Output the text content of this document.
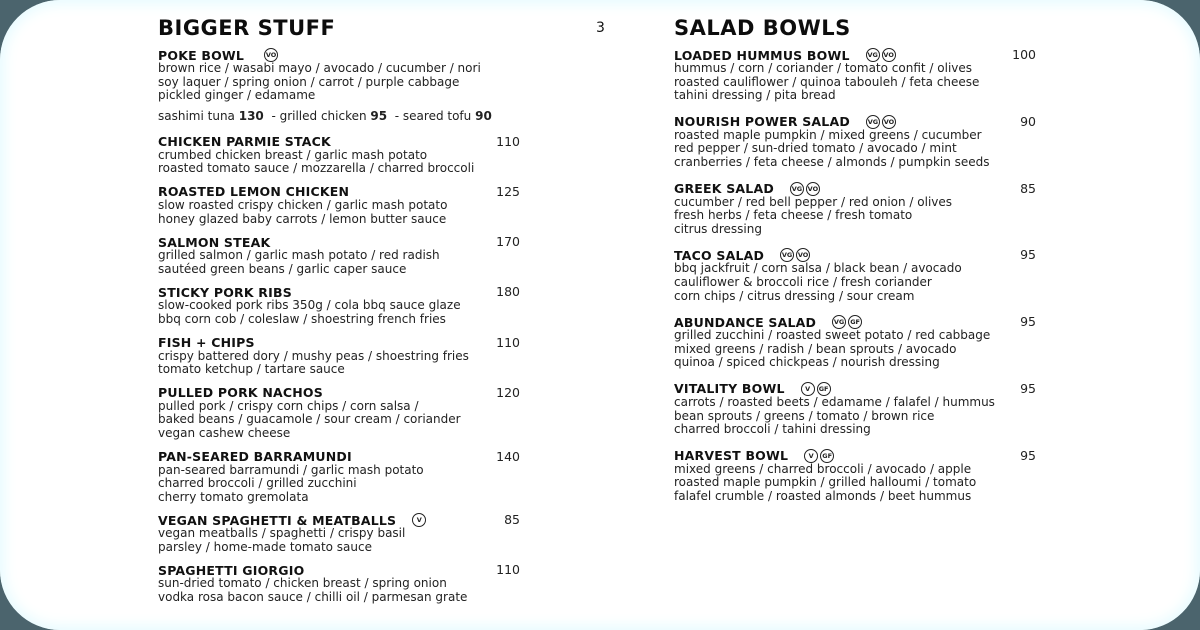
3
BIGGER STUFF
POKE BOWL	VO
brown rice / wasabi mayo / avocado / cucumber / nori
soy laquer / spring onion / carrot / purple cabbage
pickled ginger / edamame
sashimi tuna 130 - grilled chicken 95 - seared tofu 90
CHICKEN PARMIE STACK	110
crumbed chicken breast / garlic mash potato
roasted tomato sauce / mozzarella / charred broccoli
ROASTED LEMON CHICKEN	125
slow roasted crispy chicken / garlic mash potato
honey glazed baby carrots / lemon butter sauce
SALMON STEAK	170
grilled salmon / garlic mash potato / red radish
sautéed green beans / garlic caper sauce
STICKY PORK RIBS	180
slow-cooked pork ribs 350g / cola bbq sauce glaze
bbq corn cob / coleslaw / shoestring french fries
FISH + CHIPS	110
crispy battered dory / mushy peas / shoestring fries
tomato ketchup / tartare sauce
PULLED PORK NACHOS	120
pulled pork / crispy corn chips / corn salsa /
baked beans / guacamole / sour cream / coriander
vegan cashew cheese
PAN-SEARED BARRAMUNDI	140
pan-seared barramundi / garlic mash potato
charred broccoli / grilled zucchini
cherry tomato gremolata
VEGAN SPAGHETTI & MEATBALLS	V	85
vegan meatballs / spaghetti / crispy basil
parsley / home-made tomato sauce
SPAGHETTI GIORGIO	110
sun-dried tomato / chicken breast / spring onion
vodka rosa bacon sauce / chilli oil / parmesan grate
SALAD BOWLS
LOADED HUMMUS BOWL	VG VO	100
hummus / corn / coriander / tomato confit / olives
roasted cauliflower / quinoa tabouleh / feta cheese
tahini dressing / pita bread
NOURISH POWER SALAD	VG VO	90
roasted maple pumpkin / mixed greens / cucumber
red pepper / sun-dried tomato / avocado / mint
cranberries / feta cheese / almonds / pumpkin seeds
GREEK SALAD	VG VO	85
cucumber / red bell pepper / red onion / olives
fresh herbs / feta cheese / fresh tomato
citrus dressing
TACO SALAD	VG VO	95
bbq jackfruit / corn salsa / black bean / avocado
cauliflower & broccoli rice / fresh coriander
corn chips / citrus dressing / sour cream
ABUNDANCE SALAD	VG GF	95
grilled zucchini / roasted sweet potato / red cabbage
mixed greens / radish / bean sprouts / avocado
quinoa / spiced chickpeas / nourish dressing
VITALITY BOWL	V	GF	95
carrots / roasted beets / edamame / falafel / hummus
bean sprouts / greens / tomato / brown rice
charred broccoli / tahini dressing
HARVEST BOWL	V	GF	95
mixed greens / charred broccoli / avocado / apple
roasted maple pumpkin / grilled halloumi / tomato
falafel crumble / roasted almonds / beet hummus
